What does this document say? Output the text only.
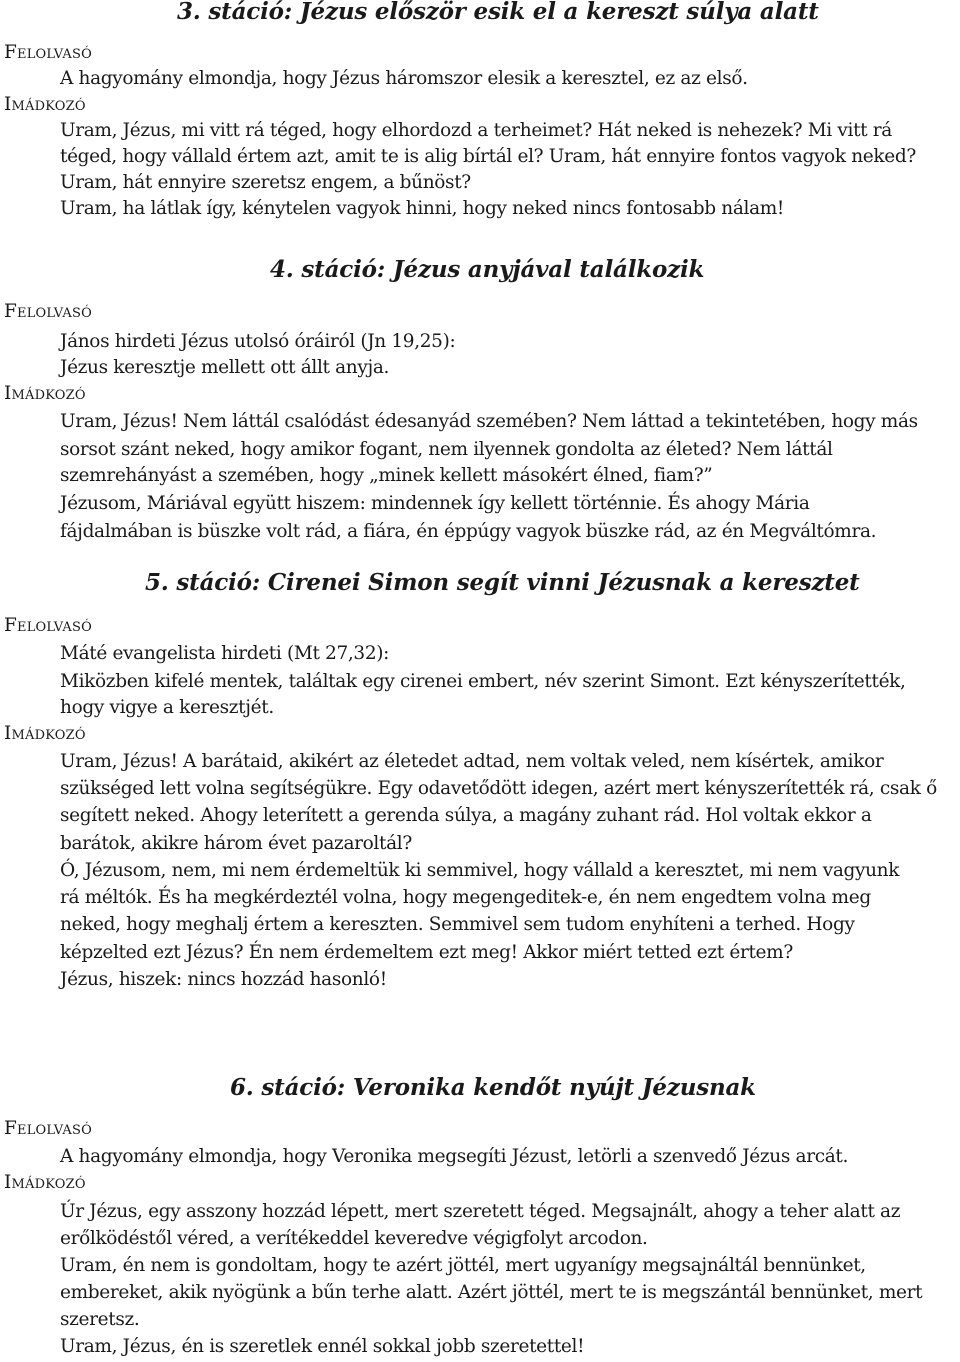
3. stáció: Jézus először esik el a kereszt súlya alatt
Felolvasó
A hagyomány elmondja, hogy Jézus háromszor elesik a keresztel, ez az első.
Imádkozó
Uram, Jézus, mi vitt rá téged, hogy elhordozd a terheimet? Hát neked is nehezek? Mi vitt rá
téged, hogy vállald értem azt, amit te is alig bírtál el? Uram, hát ennyire fontos vagyok neked?
Uram, hát ennyire szeretsz engem, a bűnöst?
Uram, ha látlak így, kénytelen vagyok hinni, hogy neked nincs fontosabb nálam!
4. stáció: Jézus anyjával találkozik
Felolvasó
János hirdeti Jézus utolsó óráiról (Jn 19,25):
Jézus keresztje mellett ott állt anyja.
Imádkozó
Uram, Jézus! Nem láttál csalódást édesanyád szemében? Nem láttad a tekintetében, hogy más
sorsot szánt neked, hogy amikor fogant, nem ilyennek gondolta az életed? Nem láttál
szemrehányást a szemében, hogy „minek kellett másokért élned, fiam?”
Jézusom, Máriával együtt hiszem: mindennek így kellett történnie. És ahogy Mária
fájdalmában is büszke volt rád, a fiára, én éppúgy vagyok büszke rád, az én Megváltómra.
5. stáció: Cirenei Simon segít vinni Jézusnak a keresztet
Felolvasó
Máté evangelista hirdeti (Mt 27,32):
Miközben kifelé mentek, találtak egy cirenei embert, név szerint Simont. Ezt kényszerítették,
hogy vigye a keresztjét.
Imádkozó
Uram, Jézus! A barátaid, akikért az életedet adtad, nem voltak veled, nem kísértek, amikor
szükséged lett volna segítségükre. Egy odavetődött idegen, azért mert kényszerítették rá, csak ő
segített neked. Ahogy leterített a gerenda súlya, a magány zuhant rád. Hol voltak ekkor a
barátok, akikre három évet pazaroltál?
Ó, Jézusom, nem, mi nem érdemeltük ki semmivel, hogy vállald a keresztet, mi nem vagyunk
rá méltók. És ha megkérdeztél volna, hogy megengeditek-e, én nem engedtem volna meg
neked, hogy meghalj értem a kereszten. Semmivel sem tudom enyhíteni a terhed. Hogy
képzelted ezt Jézus? Én nem érdemeltem ezt meg! Akkor miért tetted ezt értem?
Jézus, hiszek: nincs hozzád hasonló!
6. stáció: Veronika kendőt nyújt Jézusnak
Felolvasó
A hagyomány elmondja, hogy Veronika megsegíti Jézust, letörli a szenvedő Jézus arcát.
Imádkozó
Úr Jézus, egy asszony hozzád lépett, mert szeretett téged. Megsajnált, ahogy a teher alatt az
erőlködéstől véred, a verítékeddel keveredve végigfolyt arcodon.
Uram, én nem is gondoltam, hogy te azért jöttél, mert ugyanígy megsajnáltál bennünket,
embereket, akik nyögünk a bűn terhe alatt. Azért jöttél, mert te is megszántál bennünket, mert
szeretsz.
Uram, Jézus, én is szeretlek ennél sokkal jobb szeretettel!
